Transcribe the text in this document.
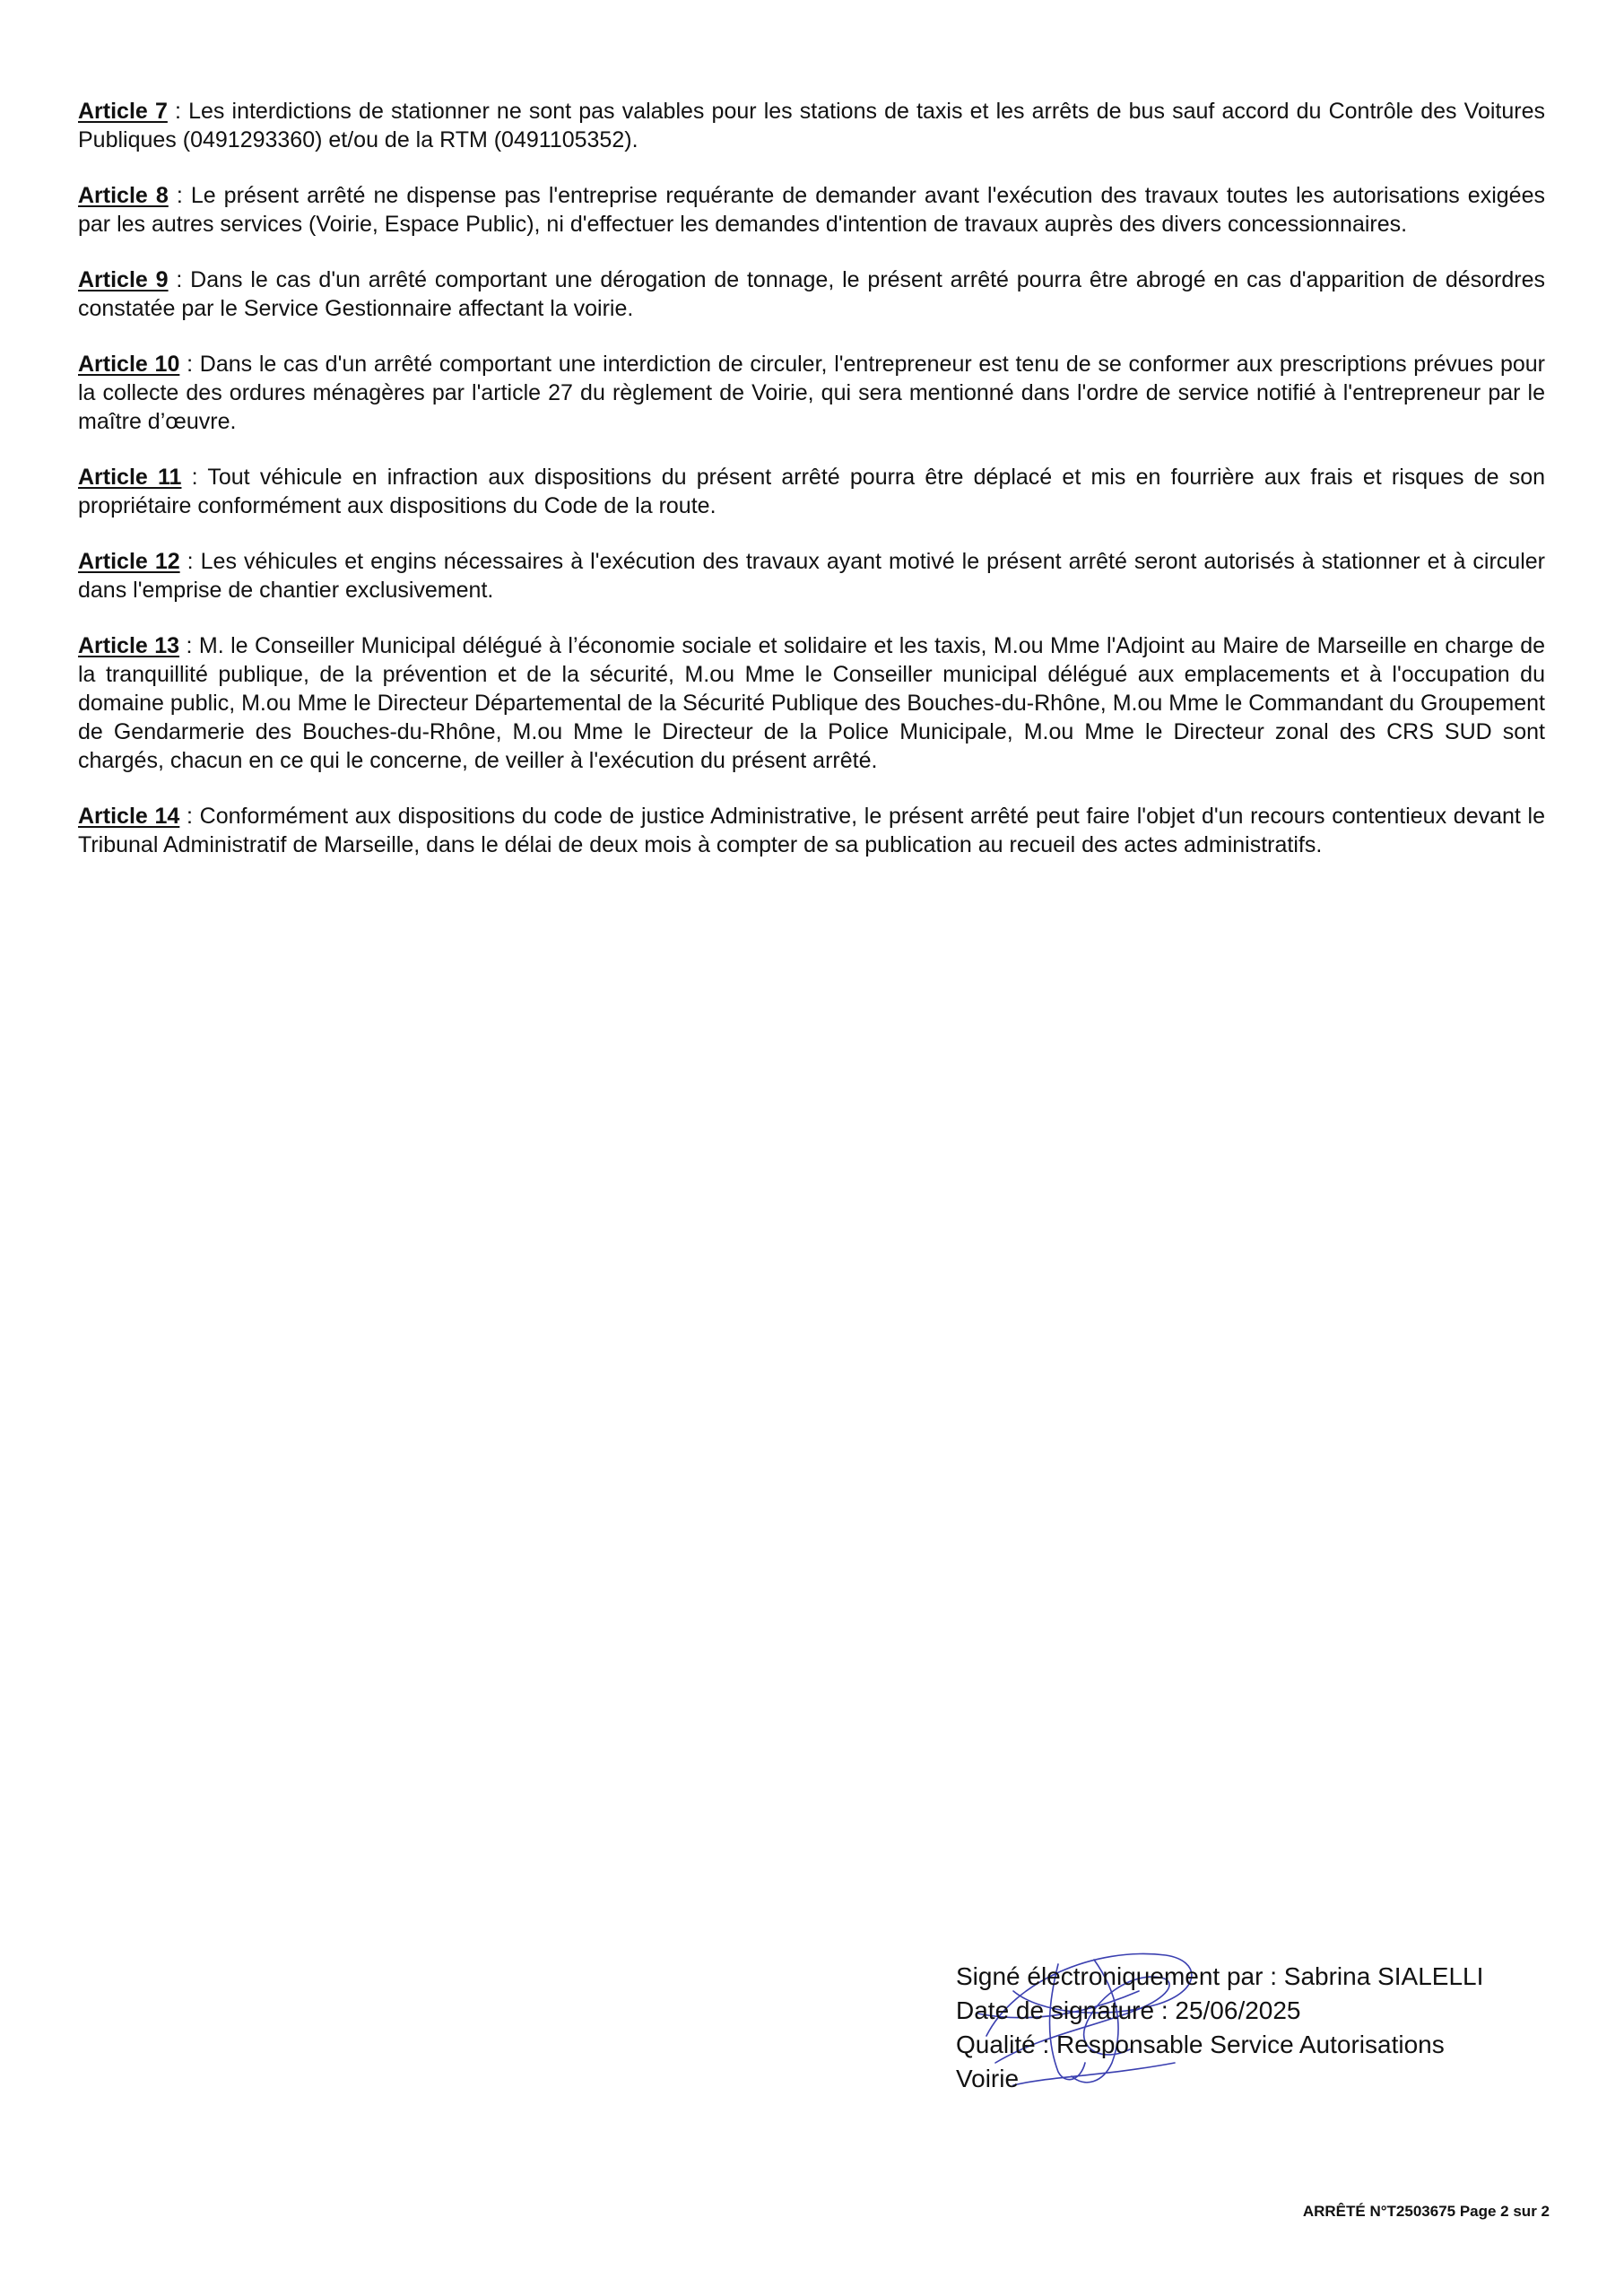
Article 7 : Les interdictions de stationner ne sont pas valables pour les stations de taxis et les arrêts de bus sauf accord du Contrôle des Voitures Publiques (0491293360) et/ou de la RTM (0491105352).

Article 8 : Le présent arrêté ne dispense pas l'entreprise requérante de demander avant l'exécution des travaux toutes les autorisations exigées par les autres services (Voirie, Espace Public), ni d'effectuer les demandes d'intention de travaux auprès des divers concessionnaires.

Article 9 : Dans le cas d'un arrêté comportant une dérogation de tonnage, le présent arrêté pourra être abrogé en cas d'apparition de désordres constatée par le Service Gestionnaire affectant la voirie.

Article 10 : Dans le cas d'un arrêté comportant une interdiction de circuler, l'entrepreneur est tenu de se conformer aux prescriptions prévues pour la collecte des ordures ménagères par l'article 27 du règlement de Voirie, qui sera mentionné dans l'ordre de service notifié à l'entrepreneur par le maître d’œuvre.

Article 11 : Tout véhicule en infraction aux dispositions du présent arrêté pourra être déplacé et mis en fourrière aux frais et risques de son propriétaire conformément aux dispositions du Code de la route.

Article 12 : Les véhicules et engins nécessaires à l'exécution des travaux ayant motivé le présent arrêté seront autorisés à stationner et à circuler dans l'emprise de chantier exclusivement.

Article 13 : M. le Conseiller Municipal délégué à l’économie sociale et solidaire et les taxis, M.ou Mme l'Adjoint au Maire de Marseille en charge de la tranquillité publique, de la prévention et de la sécurité, M.ou Mme le Conseiller municipal délégué aux emplacements et à l'occupation du domaine public, M.ou Mme le Directeur Départemental de la Sécurité Publique des Bouches-du-Rhône, M.ou Mme le Commandant du Groupement de Gendarmerie des Bouches-du-Rhône, M.ou Mme le Directeur de la Police Municipale, M.ou Mme le Directeur zonal des CRS SUD sont chargés, chacun en ce qui le concerne, de veiller à l'exécution du présent arrêté.

Article 14 : Conformément aux dispositions du code de justice Administrative, le présent arrêté peut faire l'objet d'un recours contentieux devant le Tribunal Administratif de Marseille, dans le délai de deux mois à compter de sa publication au recueil des actes administratifs.

Signé électroniquement par : Sabrina SIALELLI
Date de signature : 25/06/2025
Qualité : Responsable Service Autorisations
Voirie
ARRÊTÉ N°T2503675 Page 2 sur 2
